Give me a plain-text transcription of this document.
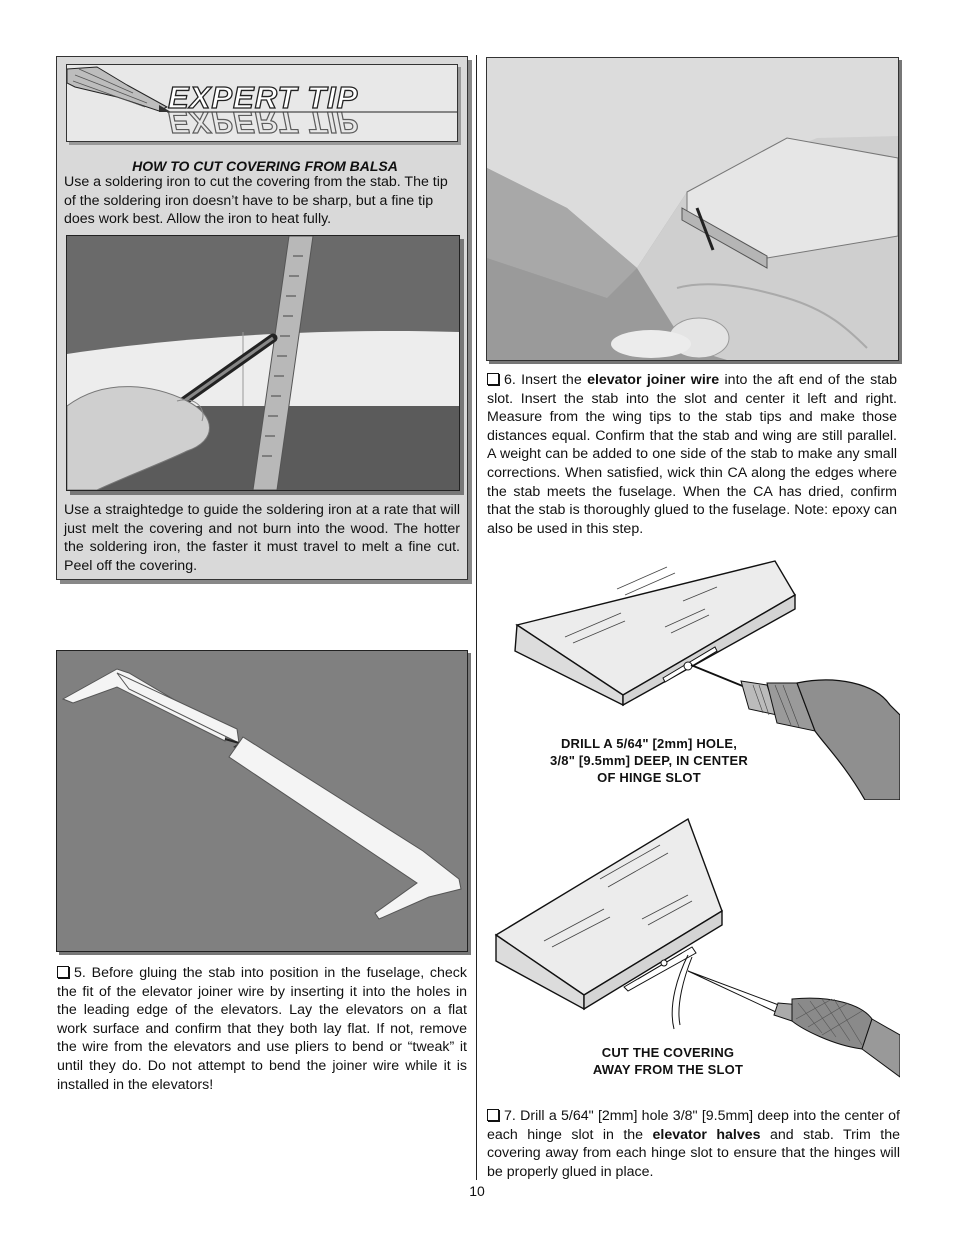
EXPERT TIP
EXPERT TIP
HOW TO CUT COVERING FROM BALSA
Use a soldering iron to cut the covering from the stab. The tip of the soldering iron doesn’t have to be sharp, but a fine tip does work best. Allow the iron to heat fully.
Use a straightedge to guide the soldering iron at a rate that will just melt the covering and not burn into the wood. The hotter the soldering iron, the faster it must travel to melt a fine cut. Peel off the covering.
5. Before gluing the stab into position in the fuselage, check the fit of the elevator joiner wire by inserting it into the holes in the leading edge of the elevators. Lay the elevators on a flat work surface and confirm that they both lay flat. If not, remove the wire from the elevators and use pliers to bend or “tweak” it until they do. Do not attempt to bend the joiner wire while it is installed in the elevators!
6. Insert the elevator joiner wire into the aft end of the stab slot. Insert the stab into the slot and center it left and right. Measure from the wing tips to the stab tips and make those distances equal. Confirm that the stab and wing are still parallel. A weight can be added to one side of the stab to make any small corrections. When satisfied, wick thin CA along the edges where the stab meets the fuselage. When the CA has dried, confirm that the stab is thoroughly glued to the fuselage. Note: epoxy can also be used in this step.
DRILL A 5/64" [2mm] HOLE,
3/8" [9.5mm] DEEP, IN CENTER
OF HINGE SLOT
CUT THE COVERING
AWAY FROM THE SLOT
7. Drill a 5/64" [2mm] hole 3/8" [9.5mm] deep into the center of each hinge slot in the elevator halves and stab. Trim the covering away from each hinge slot to ensure that the hinges will be properly glued in place.
10
